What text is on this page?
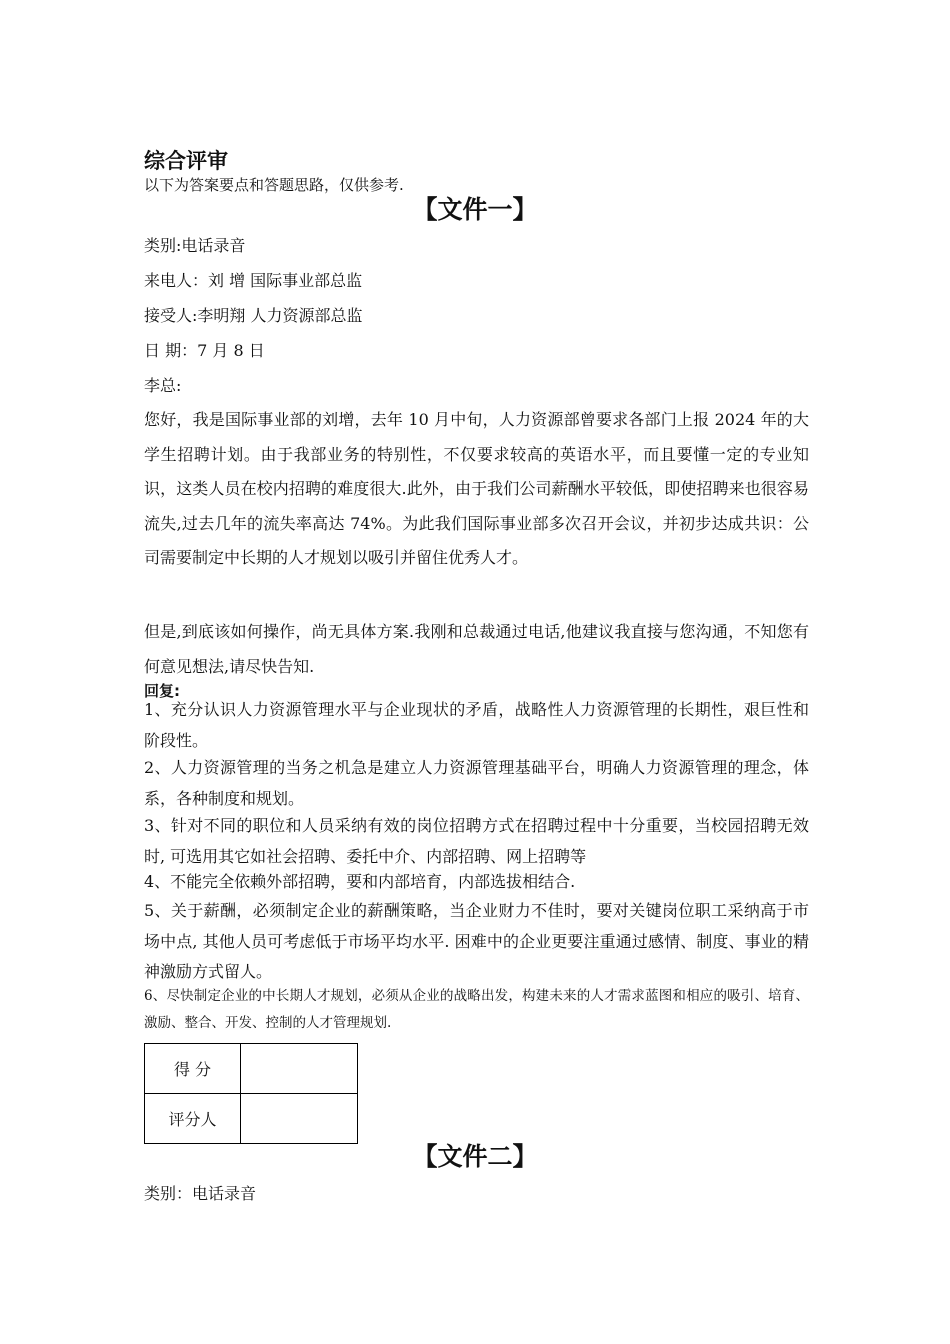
综合评审
以下为答案要点和答题思路，仅供参考.
【文件一】
类别:电话录音
来电人：刘 增 国际事业部总监
接受人:李明翔 人力资源部总监
日 期：7 月 8 日
李总:
您好，我是国际事业部的刘增，去年 10 月中旬，人力资源部曾要求各部门上报 2024 年的大学生招聘计划。由于我部业务的特别性，不仅要求较高的英语水平，而且要懂一定的专业知识，这类人员在校内招聘的难度很大.此外，由于我们公司薪酬水平较低，即使招聘来也很容易流失,过去几年的流失率高达 74%。为此我们国际事业部多次召开会议，并初步达成共识：公司需要制定中长期的人才规划以吸引并留住优秀人才。
但是,到底该如何操作，尚无具体方案.我刚和总裁通过电话,他建议我直接与您沟通，不知您有何意见想法,请尽快告知.
回复:
1、充分认识人力资源管理水平与企业现状的矛盾，战略性人力资源管理的长期性，艰巨性和阶段性。
2、人力资源管理的当务之机急是建立人力资源管理基础平台，明确人力资源管理的理念，体系，各种制度和规划。
3、针对不同的职位和人员采纳有效的岗位招聘方式在招聘过程中十分重要，当校园招聘无效时, 可选用其它如社会招聘、委托中介、内部招聘、网上招聘等
4、不能完全依赖外部招聘，要和内部培育，内部选拔相结合.
5、关于薪酬，必须制定企业的薪酬策略，当企业财力不佳时，要对关键岗位职工采纳高于市场中点, 其他人员可考虑低于市场平均水平. 困难中的企业更要注重通过感情、制度、事业的精神激励方式留人。
6、尽快制定企业的中长期人才规划，必须从企业的战略出发，构建未来的人才需求蓝图和相应的吸引、培育、激励、整合、开发、控制的人才管理规划.
得 分	
评分人	
【文件二】
类别：电话录音
